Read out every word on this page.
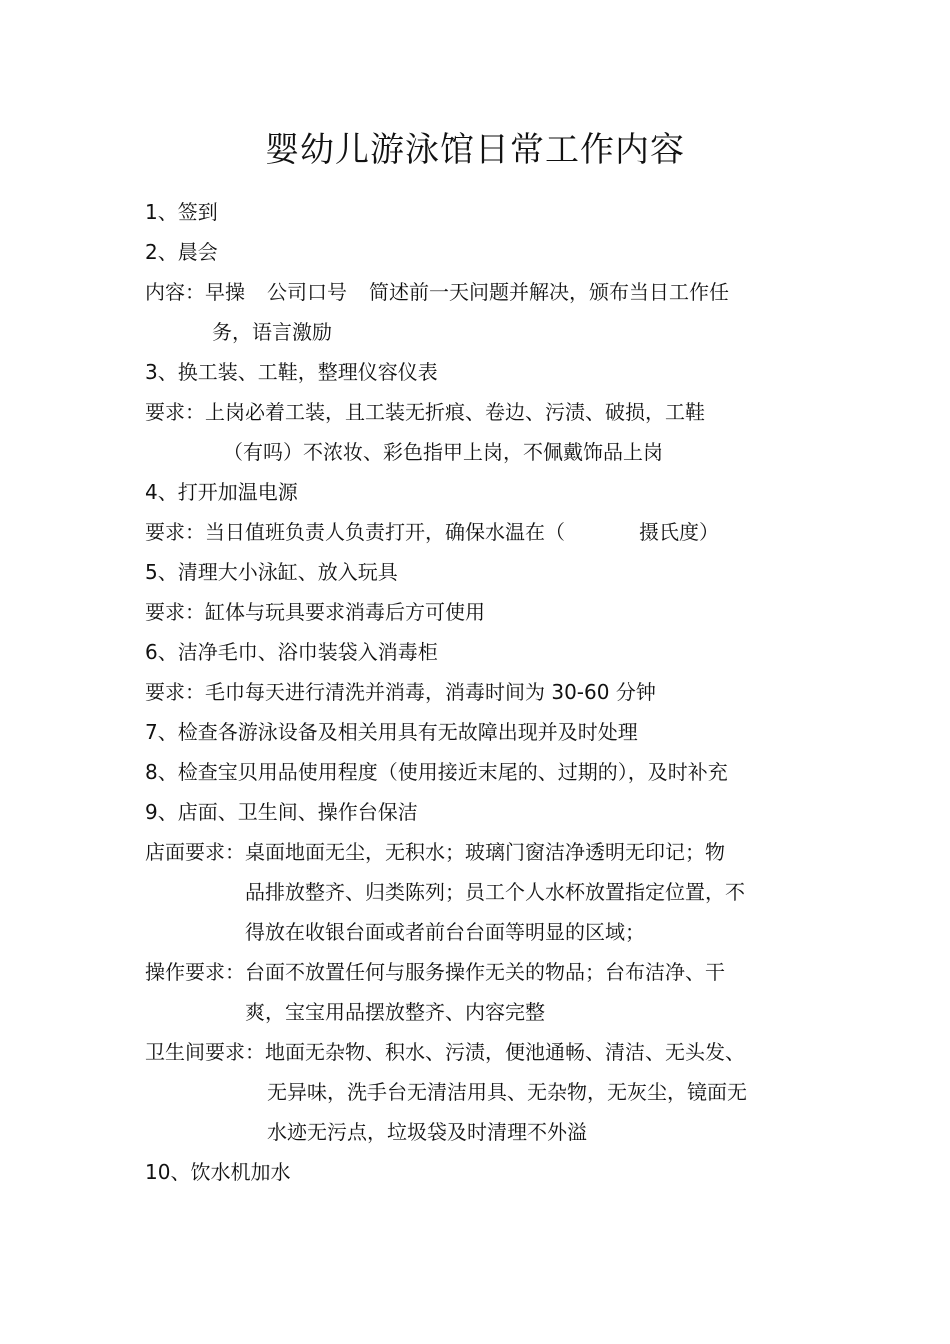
婴幼儿游泳馆日常工作内容
1、签到
2、晨会
内容：早操 公司口号 简述前一天问题并解决，颁布当日工作任
务，语言激励
3、换工装、工鞋，整理仪容仪表
要求：上岗必着工装，且工装无折痕、卷边、污渍、破损，工鞋
（有吗）不浓妆、彩色指甲上岗，不佩戴饰品上岗
4、打开加温电源
要求：当日值班负责人负责打开，确保水温在（	摄氏度）
5、清理大小泳缸、放入玩具
要求：缸体与玩具要求消毒后方可使用
6、洁净毛巾、浴巾装袋入消毒柜
要求：毛巾每天进行清洗并消毒，消毒时间为 30-60 分钟
7、检查各游泳设备及相关用具有无故障出现并及时处理
8、检查宝贝用品使用程度（使用接近末尾的、过期的），及时补充
9、店面、卫生间、操作台保洁
店面要求：桌面地面无尘，无积水；玻璃门窗洁净透明无印记；物
品排放整齐、归类陈列；员工个人水杯放置指定位置，不
得放在收银台面或者前台台面等明显的区域；
操作要求：台面不放置任何与服务操作无关的物品；台布洁净、干
爽，宝宝用品摆放整齐、内容完整
卫生间要求：地面无杂物、积水、污渍，便池通畅、清洁、无头发、
无异味，洗手台无清洁用具、无杂物，无灰尘，镜面无
水迹无污点，垃圾袋及时清理不外溢
10、饮水机加水
